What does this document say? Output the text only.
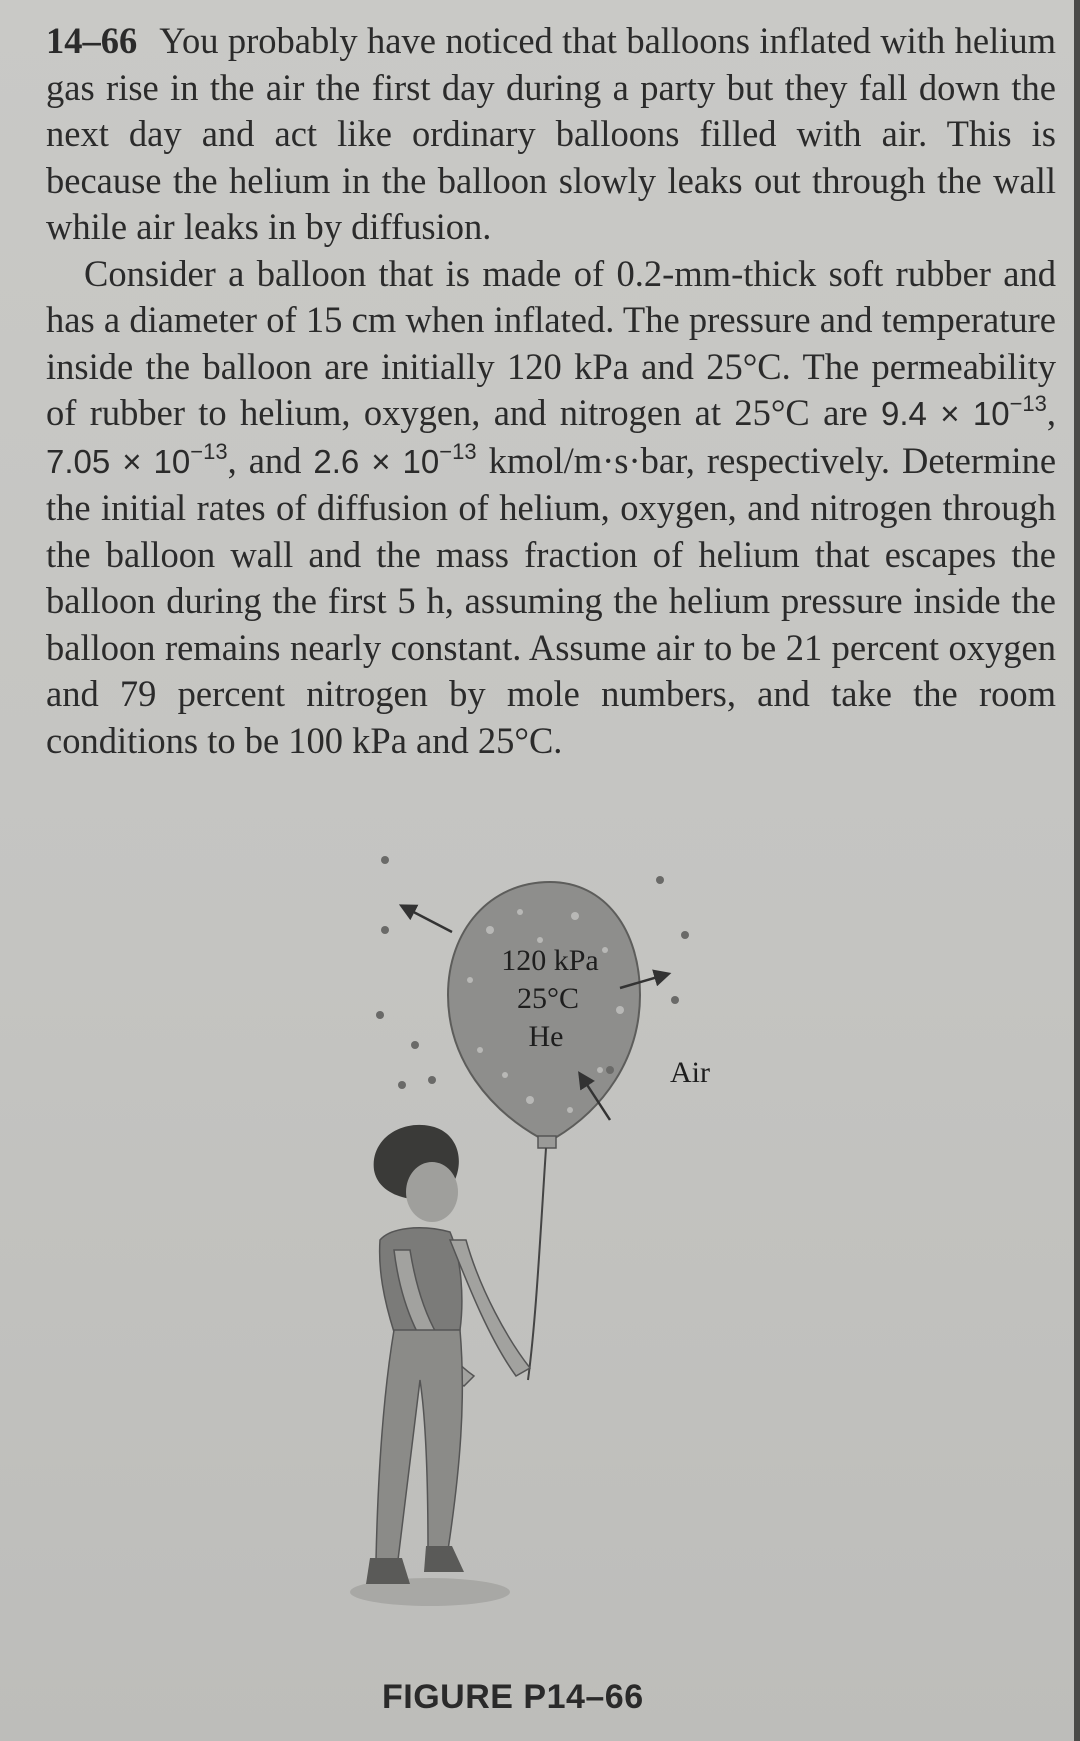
14–66 You probably have noticed that balloons inflated with helium gas rise in the air the first day during a party but they fall down the next day and act like ordinary balloons filled with air. This is because the helium in the balloon slowly leaks out through the wall while air leaks in by diffusion.

Consider a balloon that is made of 0.2-mm-thick soft rubber and has a diameter of 15 cm when inflated. The pressure and temperature inside the balloon are initially 120 kPa and 25°C. The permeability of rubber to helium, oxygen, and nitrogen at 25°C are $9.4 \times 10^{-13}$, $7.05 \times 10^{-13}$, and $2.6 \times 10^{-13}$ kmol/m·s·bar, respectively. Determine the initial rates of diffusion of helium, oxygen, and nitrogen through the balloon wall and the mass fraction of helium that escapes the balloon during the first 5 h, assuming the helium pressure inside the balloon remains nearly constant. Assume air to be 21 percent oxygen and 79 percent nitrogen by mole numbers, and take the room conditions to be 100 kPa and 25°C.

120 kPa
25°C
He
Air
FIGURE P14–66
